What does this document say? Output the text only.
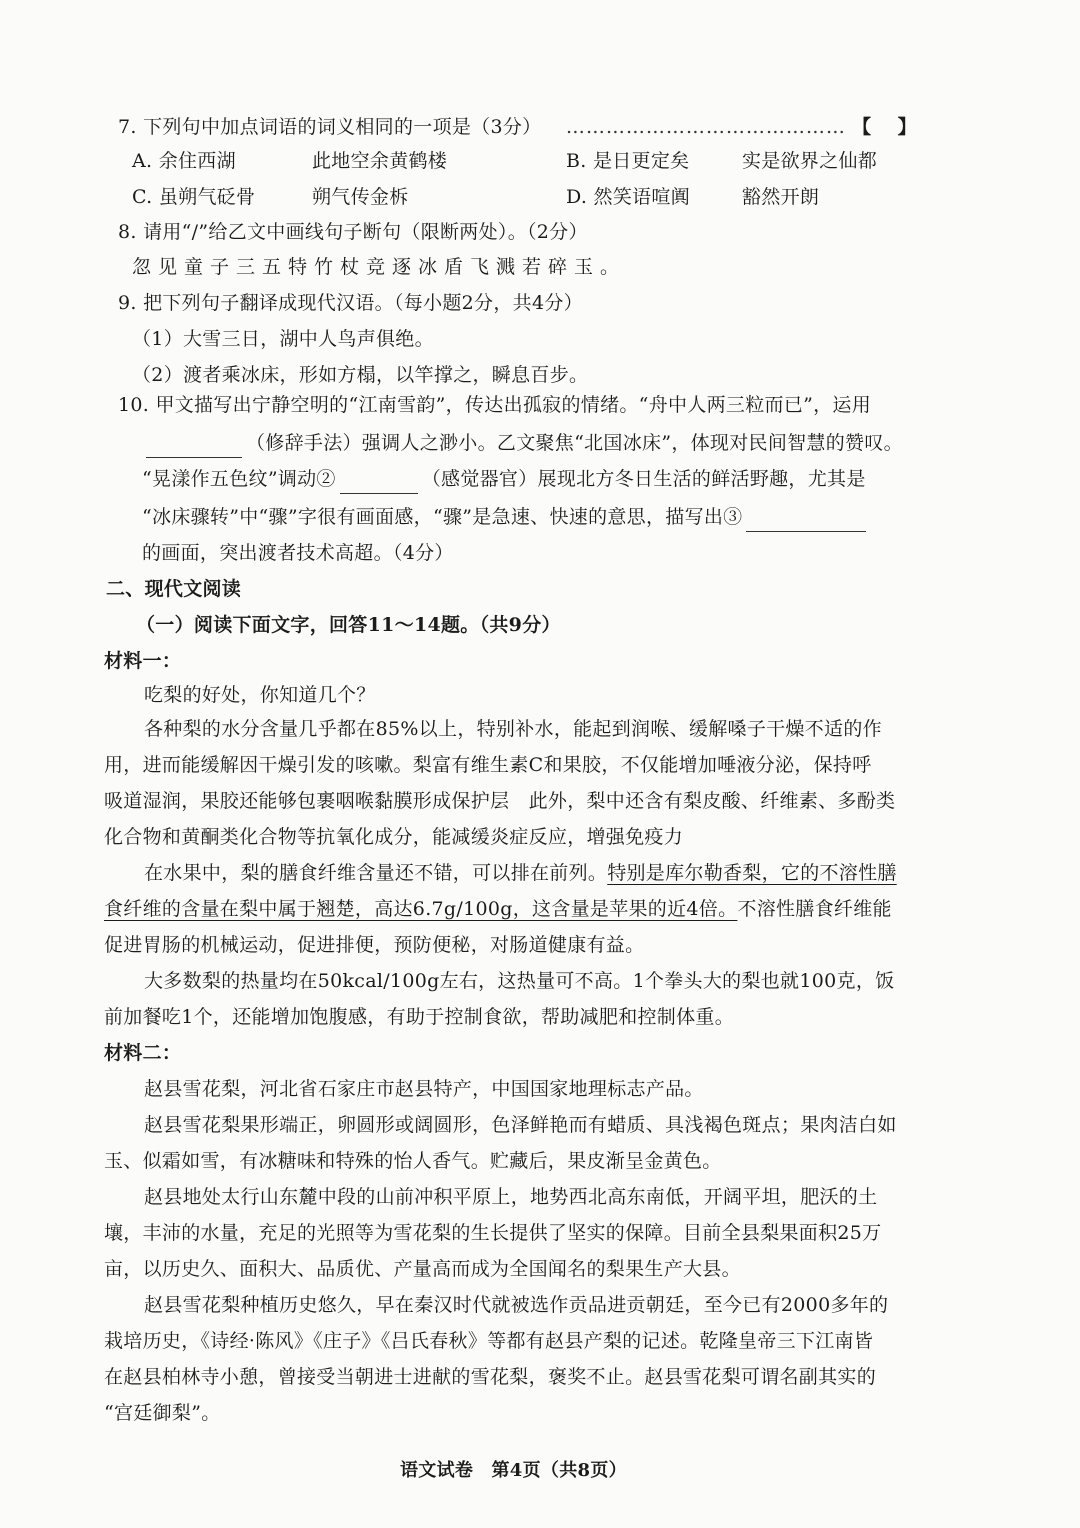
7. 下列句中加点词语的词义相同的一项是（3分） …………………………………… 【　 】
A. 余住西湖	此地空余黄鹤楼	B. 是日更定矣	实是欲界之仙都
C. 虽朔气砭骨	朔气传金柝	D. 然笑语喧阗	豁然开朗
8. 请用“/”给乙文中画线句子断句（限断两处）。（2分）
忽见童子三五特竹杖竞逐冰盾飞溅若碎玉。
9. 把下列句子翻译成现代汉语。（每小题2分，共4分）
（1）大雪三日，湖中人鸟声俱绝。
（2）渡者乘冰床，形如方榻，以竿撑之，瞬息百步。
10. 甲文描写出宁静空明的“江南雪韵”，传达出孤寂的情绪。“舟中人两三粒而已”，运用
（修辞手法）强调人之渺小。乙文聚焦“北国冰床”，体现对民间智慧的赞叹。
“晃漾作五色纹”调动②	（感觉器官）展现北方冬日生活的鲜活野趣，尤其是
“冰床骤转”中“骤”字很有画面感，“骤”是急速、快速的意思，描写出③
的画面，突出渡者技术高超。（4分）
二、现代文阅读
（一）阅读下面文字，回答11～14题。（共9分）
材料一：
吃梨的好处，你知道几个？
各种梨的水分含量几乎都在85%以上，特别补水，能起到润喉、缓解嗓子干燥不适的作
用，进而能缓解因干燥引发的咳嗽。梨富有维生素C和果胶，不仅能增加唾液分泌，保持呼
吸道湿润，果胶还能够包裹咽喉黏膜形成保护层　此外，梨中还含有梨皮酸、纤维素、多酚类
化合物和黄酮类化合物等抗氧化成分，能减缓炎症反应，增强免疫力
在水果中，梨的膳食纤维含量还不错，可以排在前列。特别是库尔勒香梨，它的不溶性膳
食纤维的含量在梨中属于翘楚，高达6.7g/100g，这含量是苹果的近4倍。不溶性膳食纤维能
促进胃肠的机械运动，促进排便，预防便秘，对肠道健康有益。
大多数梨的热量均在50kcal/100g左右，这热量可不高。1个拳头大的梨也就100克，饭
前加餐吃1个，还能增加饱腹感，有助于控制食欲，帮助减肥和控制体重。
材料二：
赵县雪花梨，河北省石家庄市赵县特产，中国国家地理标志产品。
赵县雪花梨果形端正，卵圆形或阔圆形，色泽鲜艳而有蜡质、具浅褐色斑点；果肉洁白如
玉、似霜如雪，有冰糖味和特殊的怡人香气。贮藏后，果皮渐呈金黄色。
赵县地处太行山东麓中段的山前冲积平原上，地势西北高东南低，开阔平坦，肥沃的土
壤，丰沛的水量，充足的光照等为雪花梨的生长提供了坚实的保障。目前全县梨果面积25万
亩，以历史久、面积大、品质优、产量高而成为全国闻名的梨果生产大县。
赵县雪花梨种植历史悠久，早在秦汉时代就被选作贡品进贡朝廷，至今已有2000多年的
栽培历史，《诗经·陈风》《庄子》《吕氏春秋》等都有赵县产梨的记述。乾隆皇帝三下江南皆
在赵县柏林寺小憩，曾接受当朝进士进献的雪花梨，褒奖不止。赵县雪花梨可谓名副其实的
“宫廷御梨”。
语文试卷　第4页（共8页）
